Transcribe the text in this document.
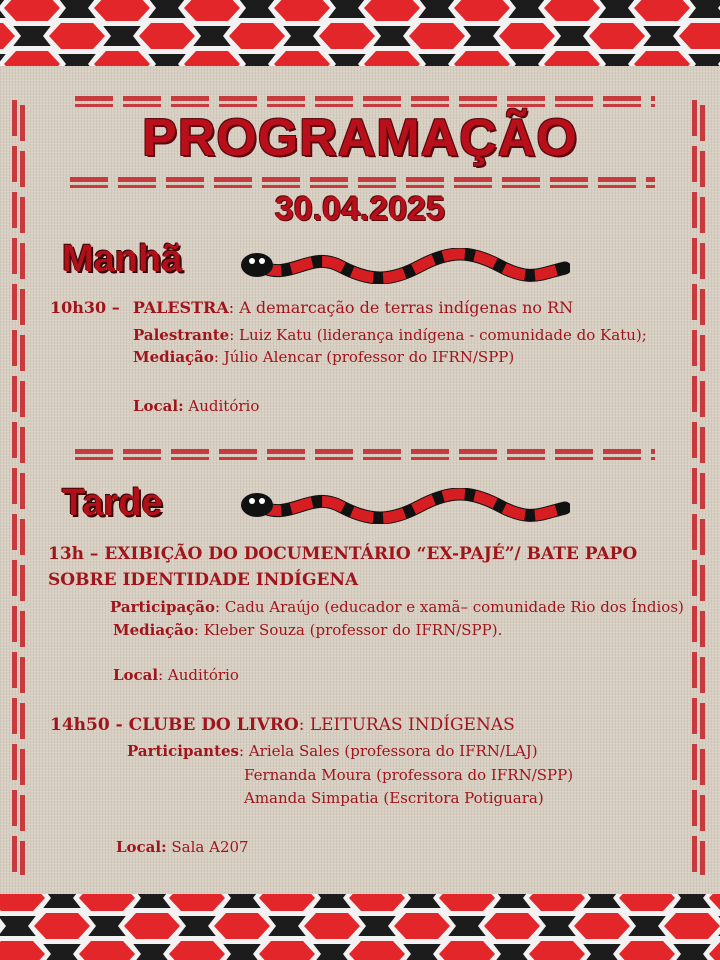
PROGRAMAÇÃO
30.04.2025
Manhã
Tarde
10h30 – PALESTRA: A demarcação de terras indígenas no RN
Palestrante: Luiz Katu (liderança indígena - comunidade do Katu);
Mediação: Júlio Alencar (professor do IFRN/SPP)
Local: Auditório
13h – EXIBIÇÃO DO DOCUMENTÁRIO “EX-PAJÉ”/ BATE PAPO
SOBRE IDENTIDADE INDÍGENA
Participação: Cadu Araújo (educador e xamã– comunidade Rio dos Índios)
Mediação: Kleber Souza (professor do IFRN/SPP).
Local: Auditório
14h50 - CLUBE DO LIVRO: LEITURAS INDÍGENAS
Participantes: Ariela Sales (professora do IFRN/LAJ)
Fernanda Moura (professora do IFRN/SPP)
Amanda Simpatia (Escritora Potiguara)
Local: Sala A207
